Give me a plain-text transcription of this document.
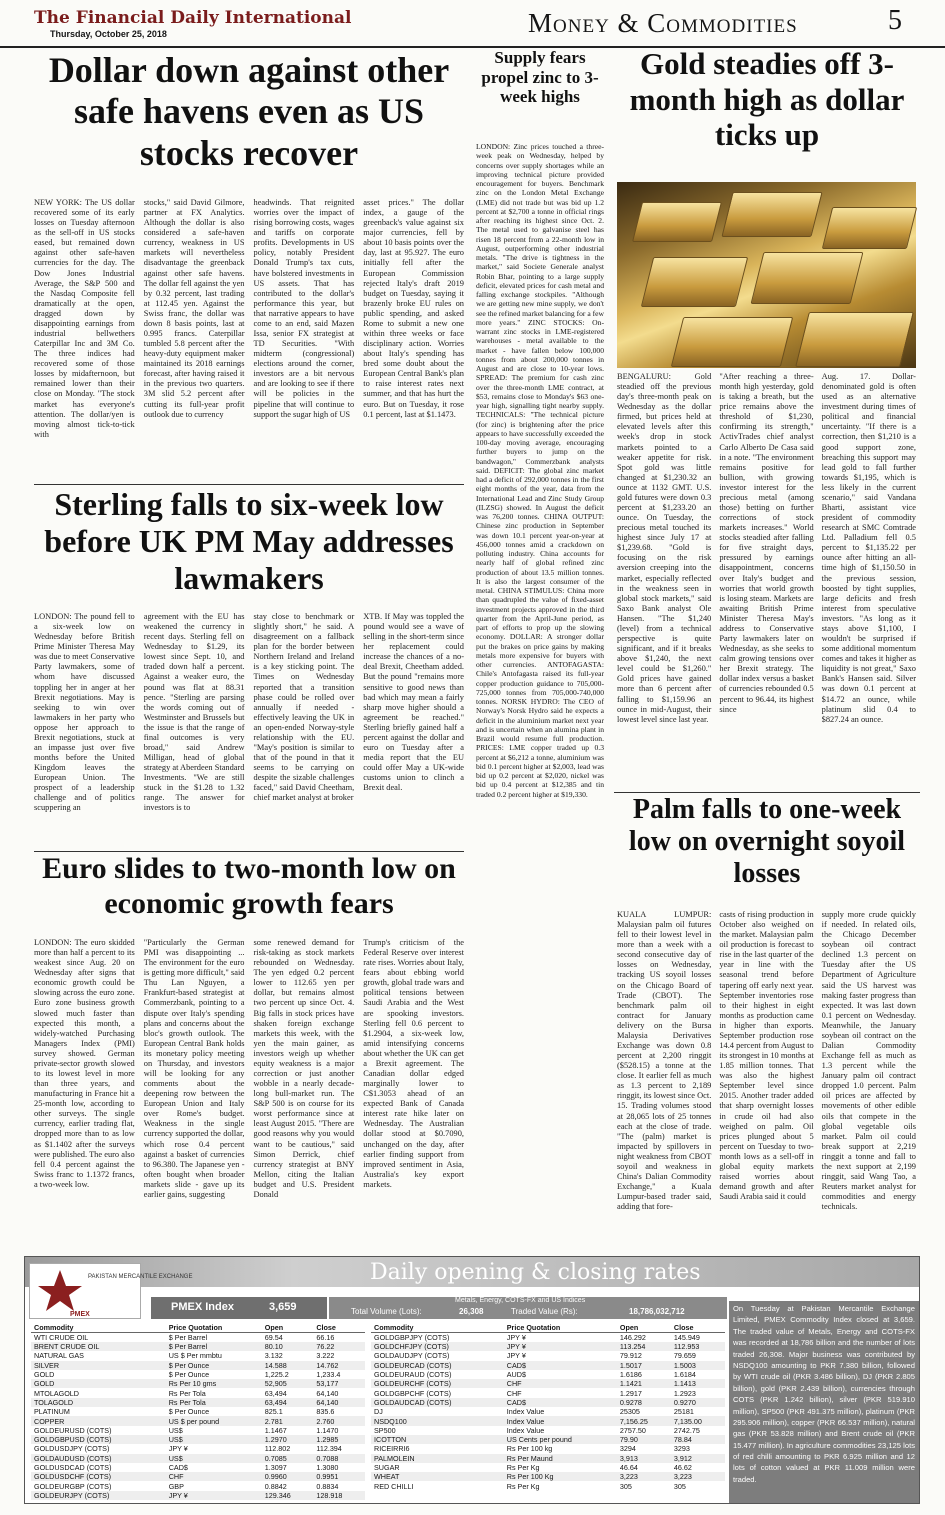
The Financial Daily International
Thursday, October 25, 2018	Money & Commodities	5
Dollar down against other safe havens even as US stocks recover

NEW YORK: The US dollar recovered some of its early losses on Tuesday afternoon as the sell-off in US stocks eased, but remained down against other safe-haven currencies for the day. The Dow Jones Industrial Average, the S&P 500 and the Nasdaq Composite fell dramatically at the open, dragged down by disappointing earnings from industrial bellwethers Caterpillar Inc and 3M Co. The three indices had recovered some of those losses by midafternoon, but remained lower than their close on Monday. "The stock market has everyone's attention. The dollar/yen is moving almost tick-to-tick with

stocks," said David Gilmore, partner at FX Analytics. Although the dollar is also considered a safe-haven currency, weakness in US markets will nevertheless disadvantage the greenback against other safe havens. The dollar fell against the yen by 0.32 percent, last trading at 112.45 yen. Against the Swiss franc, the dollar was down 8 basis points, last at 0.995 francs. Caterpillar tumbled 5.8 percent after the heavy-duty equipment maker maintained its 2018 earnings forecast, after having raised it in the previous two quarters. 3M slid 5.2 percent after cutting its full-year profit outlook due to currency

headwinds. That reignited worries over the impact of rising borrowing costs, wages and tariffs on corporate profits. Developments in US policy, notably President Donald Trump's tax cuts, have bolstered investments in US assets. That has contributed to the dollar's performance this year, but that narrative appears to have come to an end, said Mazen Issa, senior FX strategist at TD Securities. "With midterm (congressional) elections around the corner, investors are a bit nervous and are looking to see if there will be policies in the pipeline that will continue to support the sugar high of US

asset prices." The dollar index, a gauge of the greenback's value against six major currencies, fell by about 10 basis points over the day, last at 95.927. The euro initially fell after the European Commission rejected Italy's draft 2019 budget on Tuesday, saying it brazenly broke EU rules on public spending, and asked Rome to submit a new one within three weeks or face disciplinary action. Worries about Italy's spending has bred some doubt about the European Central Bank's plan to raise interest rates next summer, and that has hurt the euro. But on Tuesday, it rose 0.1 percent, last at $1.1473.

Sterling falls to six-week low before UK PM May addresses lawmakers

LONDON: The pound fell to a six-week low on Wednesday before British Prime Minister Theresa May was due to meet Conservative Party lawmakers, some of whom have discussed toppling her in anger at her Brexit negotiations. May is seeking to win over lawmakers in her party who oppose her approach to Brexit negotiations, stuck at an impasse just over five months before the United Kingdom leaves the European Union. The prospect of a leadership challenge and of politics scuppering an

agreement with the EU has weakened the currency in recent days. Sterling fell on Wednesday to $1.29, its lowest since Sept. 10, and traded down half a percent. Against a weaker euro, the pound was flat at 88.31 pence. "Sterling are parsing the words coming out of Westminster and Brussels but the issue is that the range of final outcomes is very broad," said Andrew Milligan, head of global strategy at Aberdeen Standard Investments. "We are still stuck in the $1.28 to 1.32 range. The answer for investors is to

stay close to benchmark or slightly short," he said. A disagreement on a fallback plan for the border between Northern Ireland and Ireland is a key sticking point. The Times on Wednesday reported that a transition phase could be rolled over annually if needed - effectively leaving the UK in an open-ended Norway-style relationship with the EU. "May's position is similar to that of the pound in that it seems to be carrying on despite the sizable challenges faced," said David Cheetham, chief market analyst at broker

XTB. If May was toppled the pound would see a wave of selling in the short-term since her replacement could increase the chances of a no-deal Brexit, Cheetham added. But the pound "remains more sensitive to good news than bad which may mean a fairly sharp move higher should a agreement be reached." Sterling briefly gained half a percent against the dollar and euro on Tuesday after a media report that the EU could offer May a UK-wide customs union to clinch a Brexit deal.

Euro slides to two-month low on economic growth fears

LONDON: The euro skidded more than half a percent to its weakest since Aug. 20 on Wednesday after signs that economic growth could be slowing across the euro zone. Euro zone business growth slowed much faster than expected this month, a widely-watched Purchasing Managers Index (PMI) survey showed. German private-sector growth slowed to its lowest level in more than three years, and manufacturing in France hit a 25-month low, according to other surveys. The single currency, earlier trading flat, dropped more than to as low as $1.1402 after the surveys were published. The euro also fell 0.4 percent against the Swiss franc to 1.1372 francs, a two-week low.

"Particularly the German PMI was disappointing ... The environment for the euro is getting more difficult," said Thu Lan Nguyen, a Frankfurt-based strategist at Commerzbank, pointing to a dispute over Italy's spending plans and concerns about the bloc's growth outlook. The European Central Bank holds its monetary policy meeting on Thursday, and investors will be looking for any comments about the deepening row between the European Union and Italy over Rome's budget. Weakness in the single currency supported the dollar, which rose 0.4 percent against a basket of currencies to 96.380. The Japanese yen - often bought when broader markets slide - gave up its earlier gains, suggesting

some renewed demand for risk-taking as stock markets rebounded on Wednesday. The yen edged 0.2 percent lower to 112.65 yen per dollar, but remains almost two percent up since Oct. 4. Big falls in stock prices have shaken foreign exchange markets this week, with the yen the main gainer, as investors weigh up whether equity weakness is a major correction or just another wobble in a nearly decade-long bull-market run. The S&P 500 is on course for its worst performance since at least August 2015. "There are good reasons why you would want to be cautious," said Simon Derrick, chief currency strategist at BNY Mellon, citing the Italian budget and U.S. President Donald

Trump's criticism of the Federal Reserve over interest rate rises. Worries about Italy, fears about ebbing world growth, global trade wars and political tensions between Saudi Arabia and the West are spooking investors. Sterling fell 0.6 percent to $1.2904, a six-week low, amid intensifying concerns about whether the UK can get a Brexit agreement. The Canadian dollar edged marginally lower to C$1.3053 ahead of an expected Bank of Canada interest rate hike later on Wednesday. The Australian dollar stood at $0.7090, unchanged on the day, after earlier finding support from improved sentiment in Asia, Australia's key export markets.

Supply fears propel zinc to 3-week highs

LONDON: Zinc prices touched a three-week peak on Wednesday, helped by concerns over supply shortages while an improving technical picture provided encouragement for buyers. Benchmark zinc on the London Metal Exchange (LME) did not trade but was bid up 1.2 percent at $2,700 a tonne in official rings after reaching its highest since Oct. 2. The metal used to galvanise steel has risen 18 percent from a 22-month low in August, outperforming other industrial metals. "The drive is tightness in the market," said Societe Generale analyst Robin Bhar, pointing to a large supply deficit, elevated prices for cash metal and falling exchange stockpiles. "Although we are getting new mine supply, we don't see the refined market balancing for a few more years." ZINC STOCKS: On-warrant zinc stocks in LME-registered warehouses - metal available to the market - have fallen below 100,000 tonnes from about 200,000 tonnes in August and are close to 10-year lows. SPREAD: The premium for cash zinc over the three-month LME contract, at $53, remains close to Monday's $63 one-year high, signalling tight nearby supply. TECHNICALS: "The technical picture (for zinc) is brightening after the price appears to have successfully exceeded the 100-day moving average, encouraging further buyers to jump on the bandwagon," Commerzbank analysts said. DEFICIT: The global zinc market had a deficit of 292,000 tonnes in the first eight months of the year, data from the International Lead and Zinc Study Group (ILZSG) showed. In August the deficit was 76,200 tonnes. CHINA OUTPUT: Chinese zinc production in September was down 10.1 percent year-on-year at 456,000 tonnes amid a crackdown on polluting industry. China accounts for nearly half of global refined zinc production of about 13.5 million tonnes. It is also the largest consumer of the metal. CHINA STIMULUS: China more than quadrupled the value of fixed-asset investment projects approved in the third quarter from the April-June period, as part of efforts to prop up the slowing economy. DOLLAR: A stronger dollar put the brakes on price gains by making metals more expensive for buyers with other currencies. ANTOFAGASTA: Chile's Antofagasta raised its full-year copper production guidance to 705,000-725,000 tonnes from 705,000-740,000 tonnes. NORSK HYDRO: The CEO of Norway's Norsk Hydro said he expects a deficit in the aluminium market next year and is uncertain when an alumina plant in Brazil would resume full production. PRICES: LME copper traded up 0.3 percent at $6,212 a tonne, aluminium was bid 0.1 percent higher at $2,003, lead was bid up 0.2 percent at $2,020, nickel was bid up 0.4 percent at $12,385 and tin traded 0.2 percent higher at $19,330.

Gold steadies off 3-month high as dollar ticks up

BENGALURU: Gold steadied off the previous day's three-month peak on Wednesday as the dollar firmed, but prices held at elevated levels after this week's drop in stock markets pointed to a weaker appetite for risk. Spot gold was little changed at $1,230.32 an ounce at 1132 GMT. U.S. gold futures were down 0.3 percent at $1,233.20 an ounce. On Tuesday, the precious metal touched its highest since July 17 at $1,239.68. "Gold is focusing on the risk aversion creeping into the market, especially reflected in the weakness seen in global stock markets," said Saxo Bank analyst Ole Hansen. "The $1,240 (level) from a technical perspective is quite significant, and if it breaks above $1,240, the next level could be $1,260." Gold prices have gained more than 6 percent after falling to $1,159.96 an ounce in mid-August, their lowest level since last year.

"After reaching a three-month high yesterday, gold is taking a breath, but the price remains above the threshold of $1,230, confirming its strength," ActivTrades chief analyst Carlo Alberto De Casa said in a note. "The environment remains positive for bullion, with growing investor interest for the precious metal (among those) betting on further corrections of stock markets increases." World stocks steadied after falling for five straight days, pressured by earnings disappointment, concerns over Italy's budget and worries that world growth is losing steam. Markets are awaiting British Prime Minister Theresa May's address to Conservative Party lawmakers later on Wednesday, as she seeks to calm growing tensions over her Brexit strategy. The dollar index versus a basket of currencies rebounded 0.5 percent to 96.44, its highest since

Aug. 17. Dollar-denominated gold is often used as an alternative investment during times of political and financial uncertainty. "If there is a correction, then $1,210 is a good support zone, breaching this support may lead gold to fall further towards $1,195, which is less likely in the current scenario," said Vandana Bharti, assistant vice president of commodity research at SMC Comtrade Ltd. Palladium fell 0.5 percent to $1,135.22 per ounce after hitting an all-time high of $1,150.50 in the previous session, boosted by tight supplies, large deficits and fresh interest from speculative investors. "As long as it stays above $1,100, I wouldn't be surprised if some additional momentum comes and takes it higher as liquidity is not great," Saxo Bank's Hansen said. Silver was down 0.1 percent at $14.72 an ounce, while platinum slid 0.4 to $827.24 an ounce.

Palm falls to one-week low on overnight soyoil losses

KUALA LUMPUR: Malaysian palm oil futures fell to their lowest level in more than a week with a second consecutive day of losses on Wednesday, tracking US soyoil losses on the Chicago Board of Trade (CBOT). The benchmark palm oil contract for January delivery on the Bursa Malaysia Derivatives Exchange was down 0.8 percent at 2,200 ringgit ($528.15) a tonne at the close. It earlier fell as much as 1.3 percent to 2,189 ringgit, its lowest since Oct. 15. Trading volumes stood at 28,065 lots of 25 tonnes each at the close of trade. "The (palm) market is impacted by spillovers in night weakness from CBOT soyoil and weakness in China's Dalian Commodity Exchange," a Kuala Lumpur-based trader said, adding that fore-

casts of rising production in October also weighed on the market. Malaysian palm oil production is forecast to rise in the last quarter of the year in line with the seasonal trend before tapering off early next year. September inventories rose to their highest in eight months as production came in higher than exports. September production rose 14.4 percent from August to its strongest in 10 months at 1.85 million tonnes. That was also the highest September level since 2015. Another trader added that sharp overnight losses in crude oil had also weighed on palm. Oil prices plunged about 5 percent on Tuesday to two-month lows as a sell-off in global equity markets raised worries about demand growth and after Saudi Arabia said it could

supply more crude quickly if needed. In related oils, the Chicago December soybean oil contract declined 1.3 percent on Tuesday after the US Department of Agriculture said the US harvest was making faster progress than expected. It was last down 0.1 percent on Wednesday. Meanwhile, the January soybean oil contract on the Dalian Commodity Exchange fell as much as 1.3 percent while the January palm oil contract dropped 1.0 percent. Palm oil prices are affected by movements of other edible oils that compete in the global vegetable oils market. Palm oil could break support at 2,219 ringgit a tonne and fall to the next support at 2,199 ringgit, said Wang Tao, a Reuters market analyst for commodities and energy technicals.

Daily opening & closing rates
PAKISTAN MERCANTILE EXCHANGE
PMEX
PMEX Index	3,659
Metals, Energy, COTS-FX and US Indices
Total Volume (Lots):	26,308	Traded Value (Rs):	18,786,032,712
Commodity	Price Quotation	Open	Close
WTI CRUDE OIL	$ Per Barrel	69.54	66.16
BRENT CRUDE OIL	$ Per Barrel	80.10	76.22
NATURAL GAS	US $ Per mmbtu	3.132	3.222
SILVER	$ Per Ounce	14.588	14.762
GOLD	$ Per Ounce	1,225.2	1,233.4
GOLD	Rs Per 10 gms	52,905	53,177
MTOLAGOLD	Rs Per Tola	63,494	64,140
TOLAGOLD	Rs Per Tola	63,494	64,140
PLATINUM	$ Per Ounce	825.1	835.6
COPPER	US $ per pound	2.781	2.760
GOLDEURUSD (COTS)	US$	1.1467	1.1470
GOLDGBPUSD (COTS)	US$	1.2970	1.2985
GOLDUSDJPY (COTS)	JPY ¥	112.802	112.394
GOLDAUDUSD (COTS)	US$	0.7085	0.7088
GOLDUSDCAD (COTS)	CAD$	1.3097	1.3080
GOLDUSDCHF (COTS)	CHF	0.9960	0.9951
GOLDEURGBP (COTS)	GBP	0.8842	0.8834
GOLDEURJPY (COTS)	JPY ¥	129.346	128.918
Commodity	Price Quotation	Open	Close
GOLDGBPJPY (COTS)	JPY ¥	146.292	145.949
GOLDCHFJPY (COTS)	JPY ¥	113.254	112.953
GOLDAUDJPY (COTS)	JPY ¥	79.912	79.659
GOLDEURCAD (COTS)	CAD$	1.5017	1.5003
GOLDEURAUD (COTS)	AUD$	1.6186	1.6184
GOLDEURCHF (COTS)	CHF	1.1421	1.1413
GOLDGBPCHF (COTS)	CHF	1.2917	1.2923
GOLDAUDCAD (COTS)	CAD$	0.9278	0.9270
DJ	Index Value	25305	25181
NSDQ100	Index Value	7,156.25	7,135.00
SP500	Index Value	2757.50	2742.75
ICOTTON	US Cents per pound	79.90	78.84
RICEIRRI6	Rs Per 100 kg	3294	3293
PALMOLEIN	Rs Per Maund	3,913	3,912
SUGAR	Rs Per Kg	46.64	46.62
WHEAT	Rs Per 100 Kg	3,223	3,223
RED CHILLI	Rs Per Kg	305	305
On Tuesday at Pakistan Mercantile Exchange Limited, PMEX Commodity Index closed at 3,659. The traded value of Metals, Energy and COTS-FX was recorded at 18,786 billion and the number of lots traded 26,308. Major business was contributed by NSDQ100 amounting to PKR 7.380 billion, followed by WTI crude oil (PKR 3.486 billion), DJ (PKR 2.805 billion), gold (PKR 2.439 billion), currencies through COTS (PKR 1.242 billion), silver (PKR 519.910 million), SP500 (PKR 491.375 million), platinum (PKR 295.906 million), copper (PKR 66.537 million), natural gas (PKR 53.828 million) and Brent crude oil (PKR 15.477 million). In agriculture commodities 23,125 lots of red chilli amounting to PKR 6.925 million and 12 lots of cotton valued at PKR 11.009 million were traded.
